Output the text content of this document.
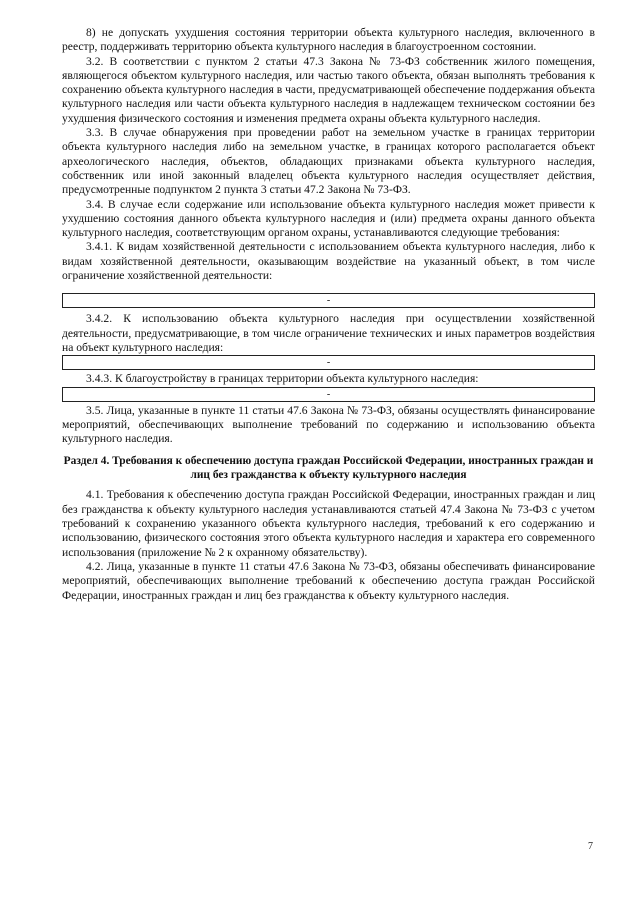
8) не допускать ухудшения состояния территории объекта культурного наследия, включенного в реестр, поддерживать территорию объекта культурного наследия в благоустроенном состоянии.

3.2. В соответствии с пунктом 2 статьи 47.3 Закона № 73-ФЗ собственник жилого помещения, являющегося объектом культурного наследия, или частью такого объекта, обязан выполнять требования к сохранению объекта культурного наследия в части, предусматривающей обеспечение поддержания объекта культурного наследия или части объекта культурного наследия в надлежащем техническом состоянии без ухудшения физического состояния и изменения предмета охраны объекта культурного наследия.

3.3. В случае обнаружения при проведении работ на земельном участке в границах территории объекта культурного наследия либо на земельном участке, в границах которого располагается объект археологического наследия, объектов, обладающих признаками объекта культурного наследия, собственник или иной законный владелец объекта культурного наследия осуществляет действия, предусмотренные подпунктом 2 пункта 3 статьи 47.2 Закона № 73-ФЗ.

3.4. В случае если содержание или использование объекта культурного наследия может привести к ухудшению состояния данного объекта культурного наследия и (или) предмета охраны данного объекта культурного наследия, соответствующим органом охраны, устанавливаются следующие требования:

3.4.1. К видам хозяйственной деятельности с использованием объекта культурного наследия, либо к видам хозяйственной деятельности, оказывающим воздействие на указанный объект, в том числе ограничение хозяйственной деятельности:

-

3.4.2. К использованию объекта культурного наследия при осуществлении хозяйственной деятельности, предусматривающие, в том числе ограничение технических и иных параметров воздействия на объект культурного наследия:

-

3.4.3. К благоустройству в границах территории объекта культурного наследия:

-

3.5. Лица, указанные в пункте 11 статьи 47.6 Закона № 73-ФЗ, обязаны осуществлять финансирование мероприятий, обеспечивающих выполнение требований по содержанию и использованию объекта культурного наследия.

Раздел 4. Требования к обеспечению доступа граждан Российской Федерации, иностранных граждан и лиц без гражданства к объекту культурного наследия

4.1. Требования к обеспечению доступа граждан Российской Федерации, иностранных граждан и лиц без гражданства к объекту культурного наследия устанавливаются статьей 47.4 Закона № 73-ФЗ с учетом требований к сохранению указанного объекта культурного наследия, требований к его содержанию и использованию, физического состояния этого объекта культурного наследия и характера его современного использования (приложение № 2 к охранному обязательству).

4.2. Лица, указанные в пункте 11 статьи 47.6 Закона № 73-ФЗ, обязаны обеспечивать финансирование мероприятий, обеспечивающих выполнение требований к обеспечению доступа граждан Российской Федерации, иностранных граждан и лиц без гражданства к объекту культурного наследия.

7
